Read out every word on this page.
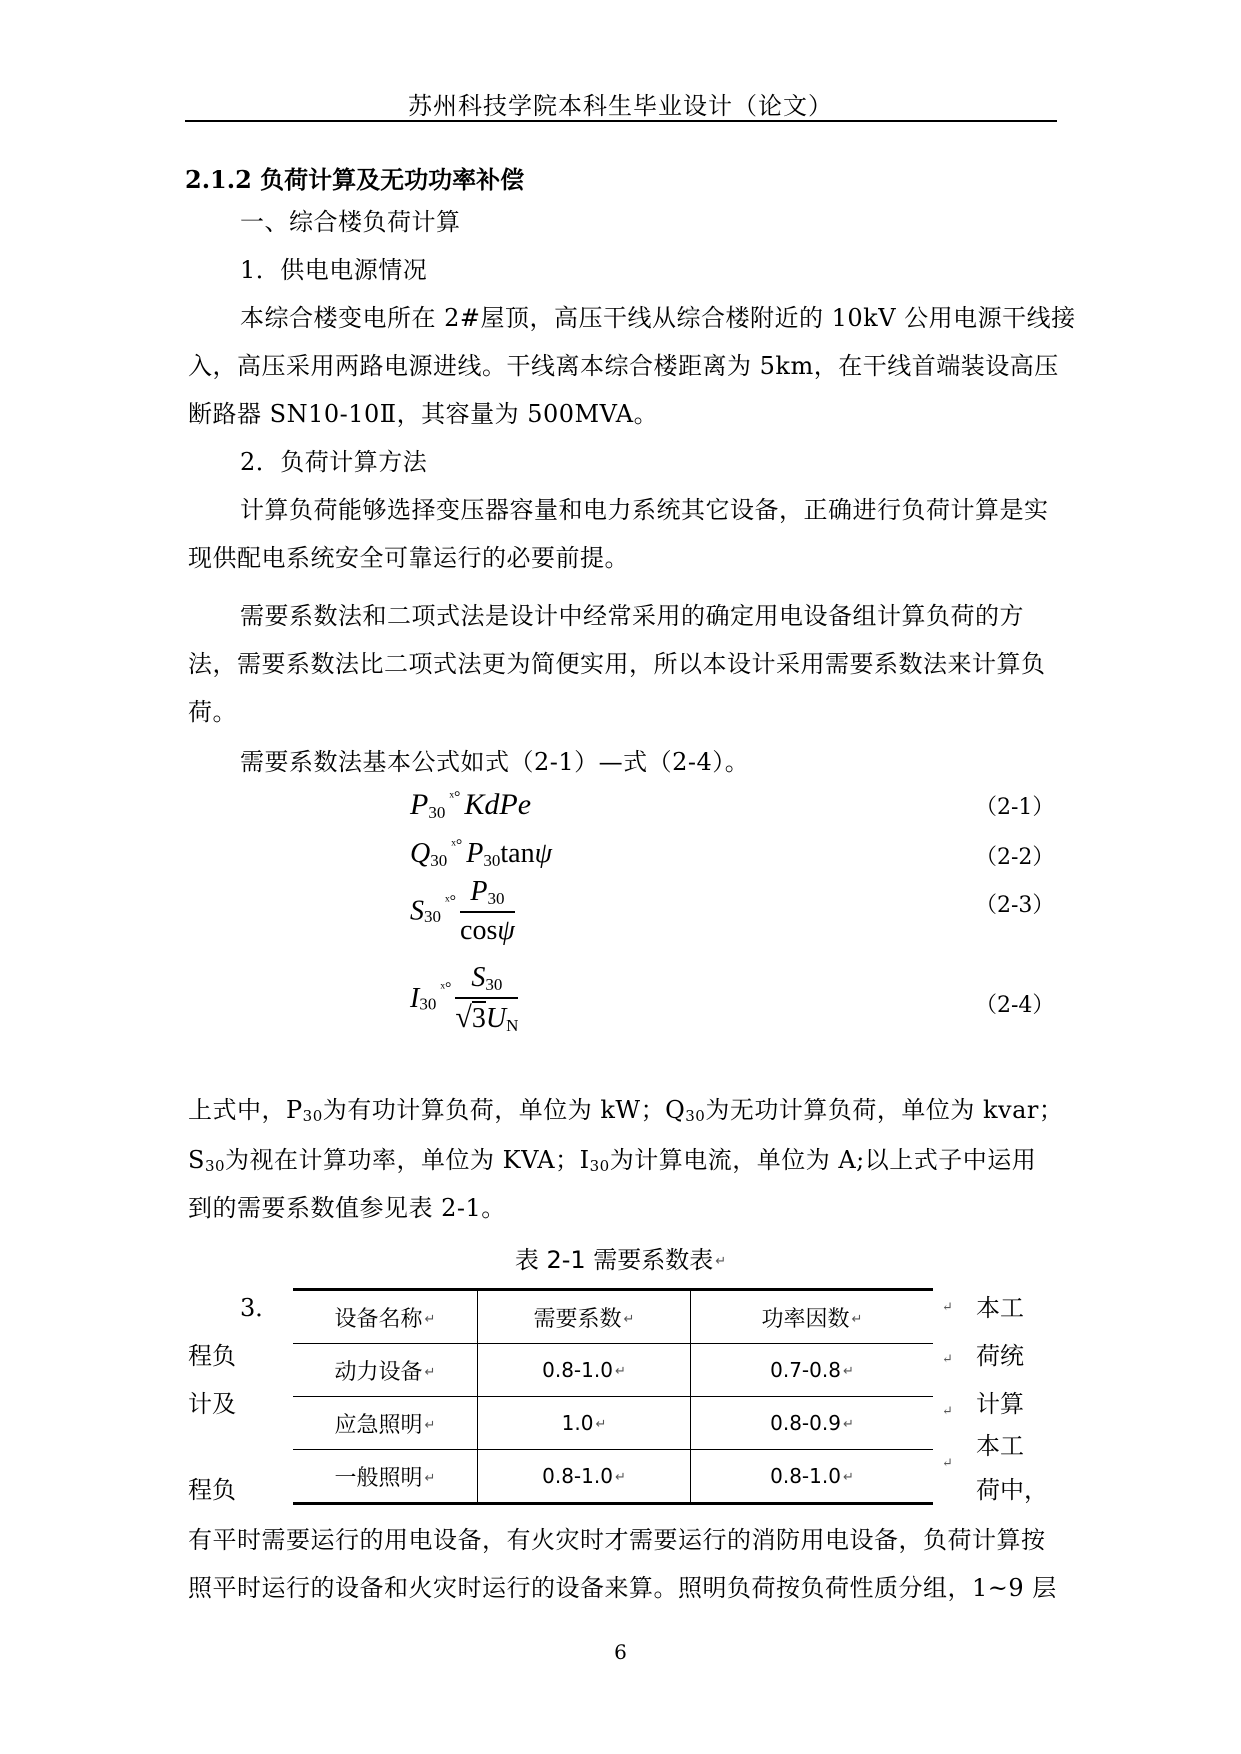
苏州科技学院本科生毕业设计（论文）
2.1.2 负荷计算及无功功率补偿
一、综合楼负荷计算
1．供电电源情况
本综合楼变电所在 2#屋顶，高压干线从综合楼附近的 10kV 公用电源干线接
入，高压采用两路电源进线。干线离本综合楼距离为 5km，在干线首端装设高压
断路器 SN10-10Ⅱ，其容量为 500MVA。
2．负荷计算方法
计算负荷能够选择变压器容量和电力系统其它设备，正确进行负荷计算是实
现供配电系统安全可靠运行的必要前提。
需要系数法和二项式法是设计中经常采用的确定用电设备组计算负荷的方
法，需要系数法比二项式法更为简便实用，所以本设计采用需要系数法来计算负
荷。
需要系数法基本公式如式（2-1）—式（2-4）。
$P_{30}^{ˣ^\circ}$ KdPe	（2-1）
$Q_{30}^{ˣ^\circ}$ $P_{30}\tan\psi$	（2-2）
$S_{30}^{ˣ^\circ} \frac{P_{30}}{\cos\psi}$	（2-3）
$I_{30}^{ˣ^\circ} \frac{S_{30}}{√3U_N}$	（2-4）
上式中，$P_{30}$为有功计算负荷，单位为 kW；$Q_{30}$为无功计算负荷，单位为 kvar；
$S_{30}$为视在计算功率，单位为 KVA；$I_{30}$为计算电流，单位为 A;以上式子中运用
到的需要系数值参见表 2-1。
表 2-1 需要系数表 ↵
3．
程负
计及
程负
本工
荷统
计算
本工
荷中，
↵
↵
↵
↵
设备名称 ↵	需要系数 ↵	功率因数 ↵
动力设备 ↵	0.8-1.0 ↵	0.7-0.8 ↵
应急照明 ↵	1.0 ↵	0.8-0.9 ↵
一般照明 ↵	0.8-1.0 ↵	0.8-1.0 ↵
有平时需要运行的用电设备，有火灾时才需要运行的消防用电设备，负荷计算按
照平时运行的设备和火灾时运行的设备来算。照明负荷按负荷性质分组，1~9 层
6
